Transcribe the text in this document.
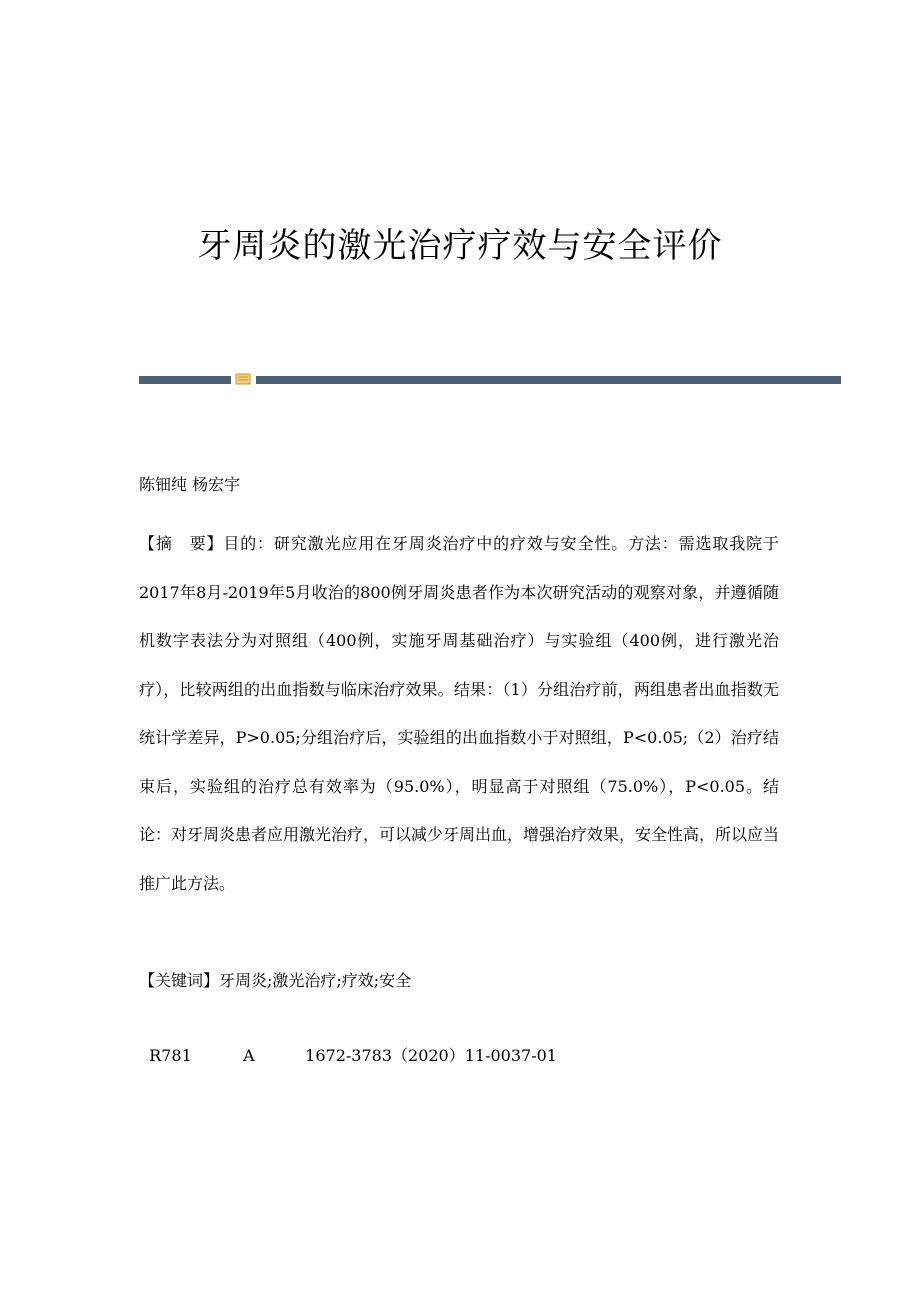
牙周炎的激光治疗疗效与安全评价
陈钿纯 杨宏宇
【摘　要】目的：研究激光应用在牙周炎治疗中的疗效与安全性。方法：需选取我院于2017年8月-2019年5月收治的800例牙周炎患者作为本次研究活动的观察对象，并遵循随机数字表法分为对照组（400例，实施牙周基础治疗）与实验组（400例，进行激光治疗），比较两组的出血指数与临床治疗效果。结果：（1）分组治疗前，两组患者出血指数无统计学差异，P>0.05;分组治疗后，实验组的出血指数小于对照组，P<0.05;（2）治疗结束后，实验组的治疗总有效率为（95.0%），明显高于对照组（75.0%），P<0.05。结论：对牙周炎患者应用激光治疗，可以减少牙周出血，增强治疗效果，安全性高，所以应当推广此方法。
【关键词】牙周炎;激光治疗;疗效;安全

R781	A	1672-3783（2020）11-0037-01
